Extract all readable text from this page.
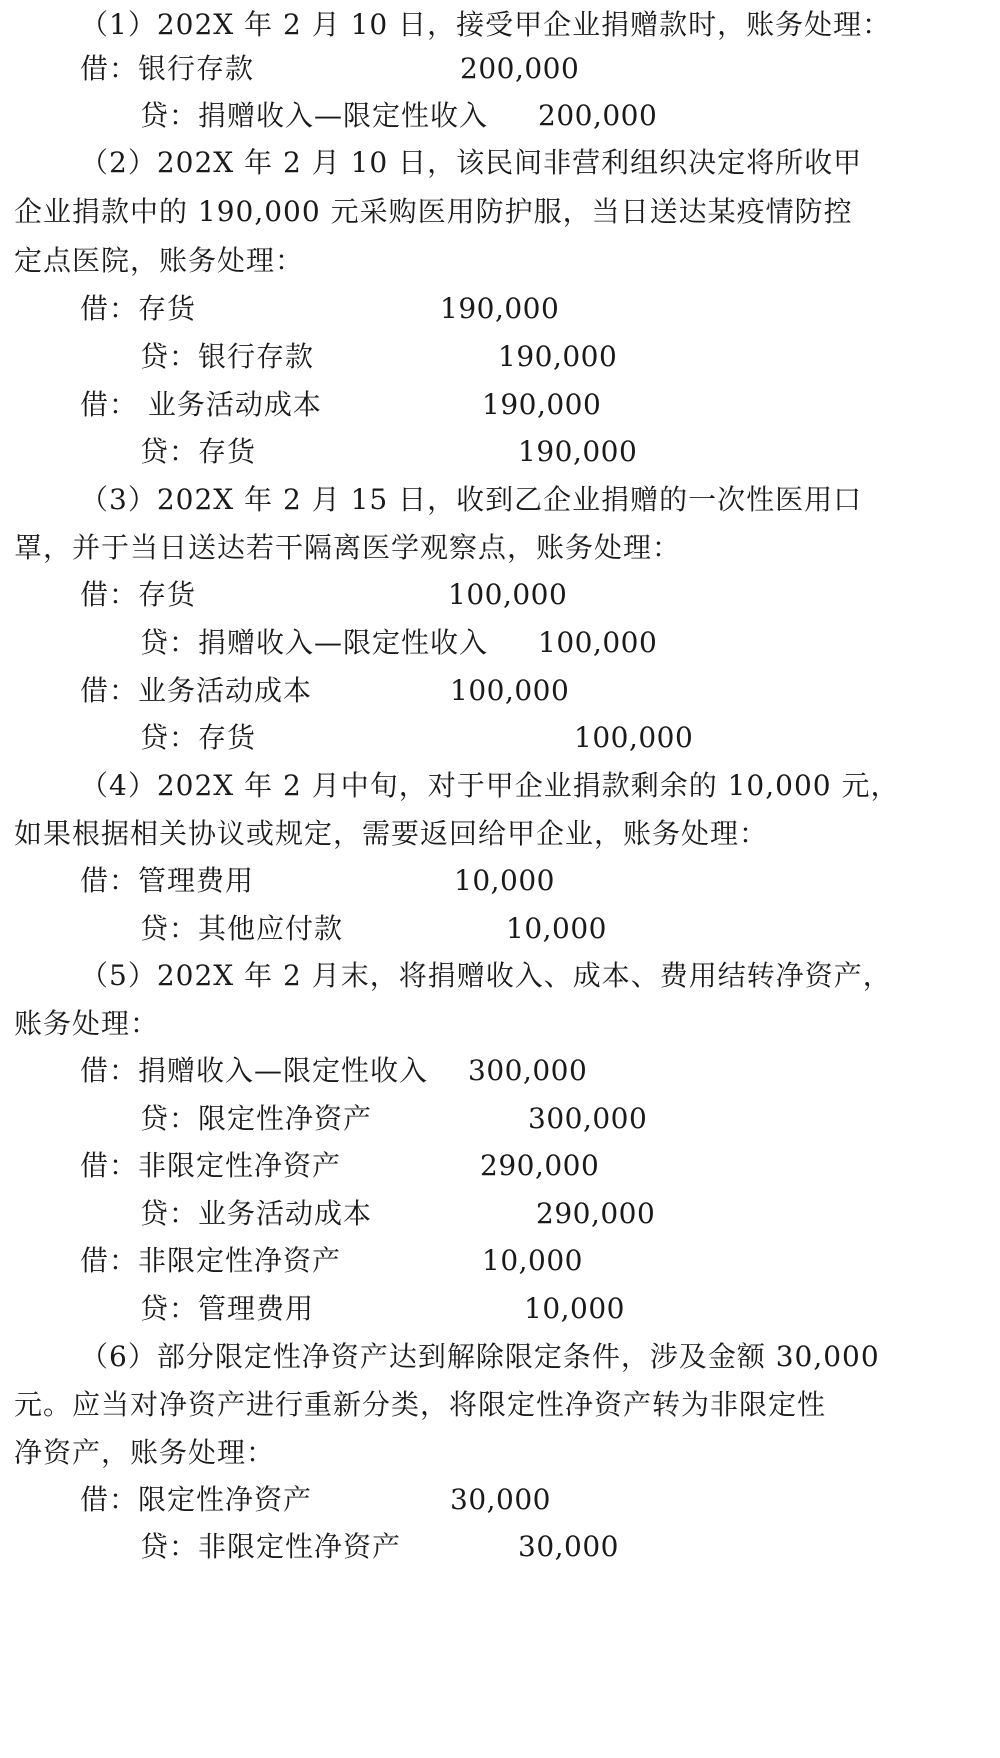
（1）202X 年 2 月 10 日，接受甲企业捐赠款时，账务处理：
借：银行存款	200,000
贷：捐赠收入—限定性收入 200,000
（2）202X 年 2 月 10 日，该民间非营利组织决定将所收甲
企业捐款中的 190,000 元采购医用防护服，当日送达某疫情防控
定点医院，账务处理：
借：存货	190,000
贷：银行存款	190,000
借： 业务活动成本	190,000
贷：存货	190,000
（3）202X 年 2 月 15 日，收到乙企业捐赠的一次性医用口
罩，并于当日送达若干隔离医学观察点，账务处理：
借：存货	100,000
贷：捐赠收入—限定性收入 100,000
借：业务活动成本	100,000
贷：存货	100,000
（4）202X 年 2 月中旬，对于甲企业捐款剩余的 10,000 元，
如果根据相关协议或规定，需要返回给甲企业，账务处理：
借：管理费用	10,000
贷：其他应付款	10,000
（5）202X 年 2 月末，将捐赠收入、成本、费用结转净资产，
账务处理：
借：捐赠收入—限定性收入 300,000
贷：限定性净资产	300,000
借：非限定性净资产	290,000
贷：业务活动成本	290,000
借：非限定性净资产	10,000
贷：管理费用	10,000
（6）部分限定性净资产达到解除限定条件，涉及金额 30,000
元。应当对净资产进行重新分类，将限定性净资产转为非限定性
净资产，账务处理：
借：限定性净资产	30,000
贷：非限定性净资产	30,000
